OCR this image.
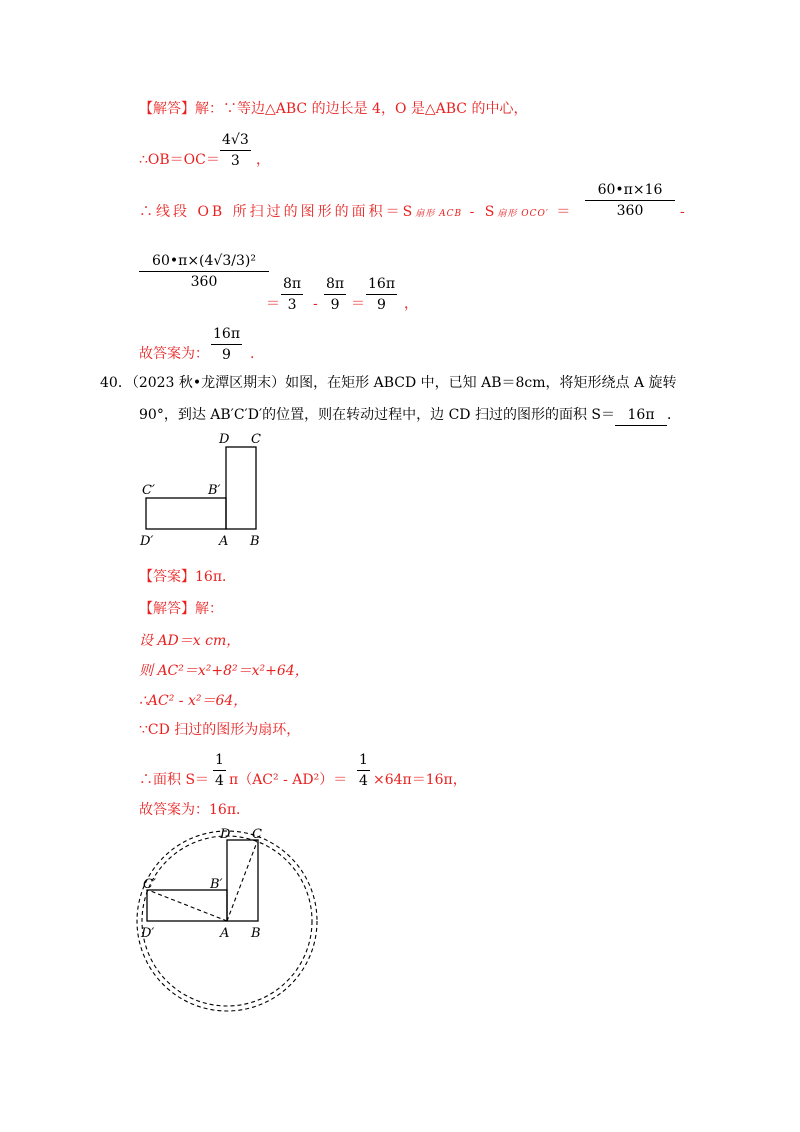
【解答】解：∵等边△ABC 的边长是 4，O 是△ABC 的中心，
∴OB＝OC＝
4√3
3	，
∴线段 OB 所扫过的图形的面积＝S扇形 ACB - S扇形 OCO′ ＝
60•π×16
360	-
60•π×(4√3/3)²
360
＝
8π
3	-
8π
9 ＝
16π
9	，
故答案为：
16π
9	.
40．（2023 秋•龙潭区期末）如图，在矩形 ABCD 中，已知 AB＝8cm，将矩形绕点 A 旋转
90°，到达 AB′C′D′的位置，则在转动过程中，边 CD 扫过的图形的面积 S＝ 16π ．
D C
C′	B′
D′	A B
【答案】16π．
【解答】解：
设 AD＝x cm，
则 AC²＝x²+8²＝x²+64，
∴AC² - x²＝64，
∵CD 扫过的图形为扇环，
∴面积 S＝
1
4 π（AC² - AD²）＝
1
4 ×64π＝16π，
故答案为：16π．
D C
C′	B′
D′	A B
